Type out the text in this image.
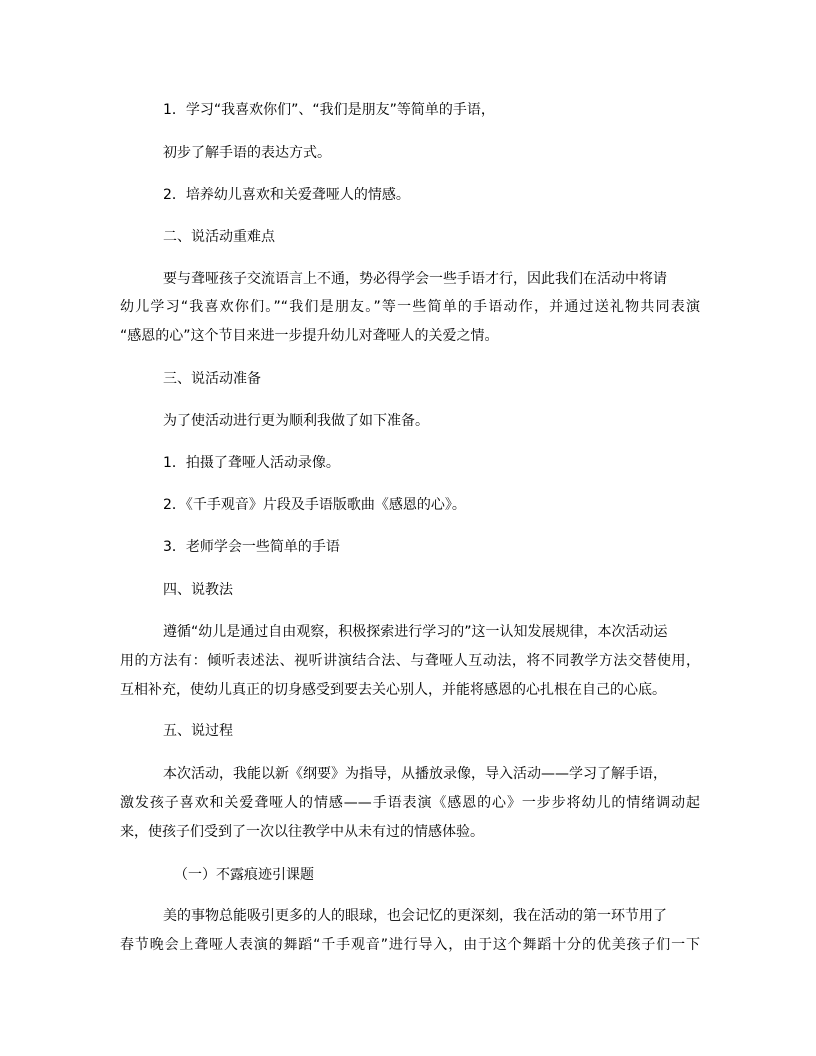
1．学习“我喜欢你们”、“我们是朋友”等简单的手语，
初步了解手语的表达方式。
2．培养幼儿喜欢和关爱聋哑人的情感。
二、说活动重难点
要与聋哑孩子交流语言上不通，势必得学会一些手语才行，因此我们在活动中将请
幼儿学习“我喜欢你们。”“我们是朋友。”等一些简单的手语动作，并通过送礼物共同表演
“感恩的心”这个节目来进一步提升幼儿对聋哑人的关爱之情。
三、说活动准备
为了使活动进行更为顺利我做了如下准备。
1．拍摄了聋哑人活动录像。
2．《千手观音》片段及手语版歌曲《感恩的心》。
3．老师学会一些简单的手语
四、说教法
遵循“幼儿是通过自由观察，积极探索进行学习的”这一认知发展规律，本次活动运
用的方法有：倾听表述法、视听讲演结合法、与聋哑人互动法，将不同教学方法交替使用，
互相补充，使幼儿真正的切身感受到要去关心别人，并能将感恩的心扎根在自己的心底。
五、说过程
本次活动，我能以新《纲要》为指导，从播放录像，导入活动——学习了解手语，
激发孩子喜欢和关爱聋哑人的情感——手语表演《感恩的心》一步步将幼儿的情绪调动起
来，使孩子们受到了一次以往教学中从未有过的情感体验。
（一）不露痕迹引课题
美的事物总能吸引更多的人的眼球，也会记忆的更深刻，我在活动的第一环节用了
春节晚会上聋哑人表演的舞蹈“千手观音”进行导入，由于这个舞蹈十分的优美孩子们一下
